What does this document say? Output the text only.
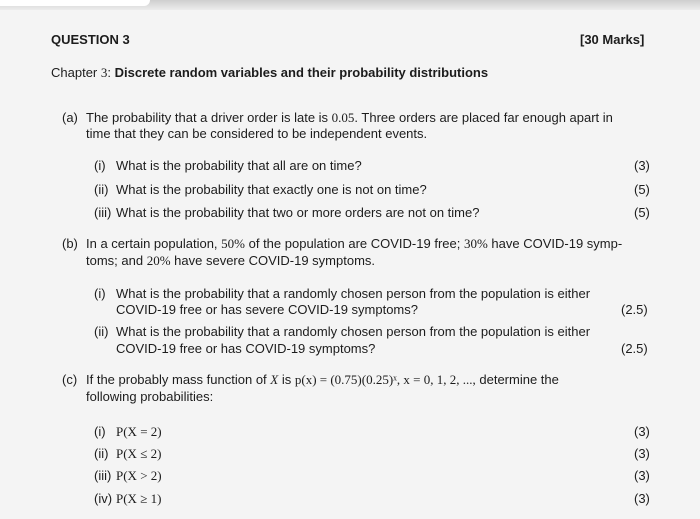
QUESTION 3	[30 Marks]
Chapter 3: Discrete random variables and their probability distributions
(a) The probability that a driver order is late is 0.05. Three orders are placed far enough apart in
time that they can be considered to be independent events.
(i) What is the probability that all are on time?	(3)
(ii) What is the probability that exactly one is not on time?	(5)
(iii) What is the probability that two or more orders are not on time?	(5)
(b) In a certain population, 50% of the population are COVID-19 free; 30% have COVID-19 symp-
toms; and 20% have severe COVID-19 symptoms.
(i) What is the probability that a randomly chosen person from the population is either
COVID-19 free or has severe COVID-19 symptoms?	(2.5)
(ii) What is the probability that a randomly chosen person from the population is either
COVID-19 free or has COVID-19 symptoms?	(2.5)
(c) If the probably mass function of X is p(x) = (0.75)(0.25)ˣ, x = 0, 1, 2, ..., determine the
following probabilities:
(i) P(X = 2)	(3)
(ii) P(X ≤ 2)	(3)
(iii) P(X > 2)	(3)
(iv) P(X ≥ 1)	(3)
